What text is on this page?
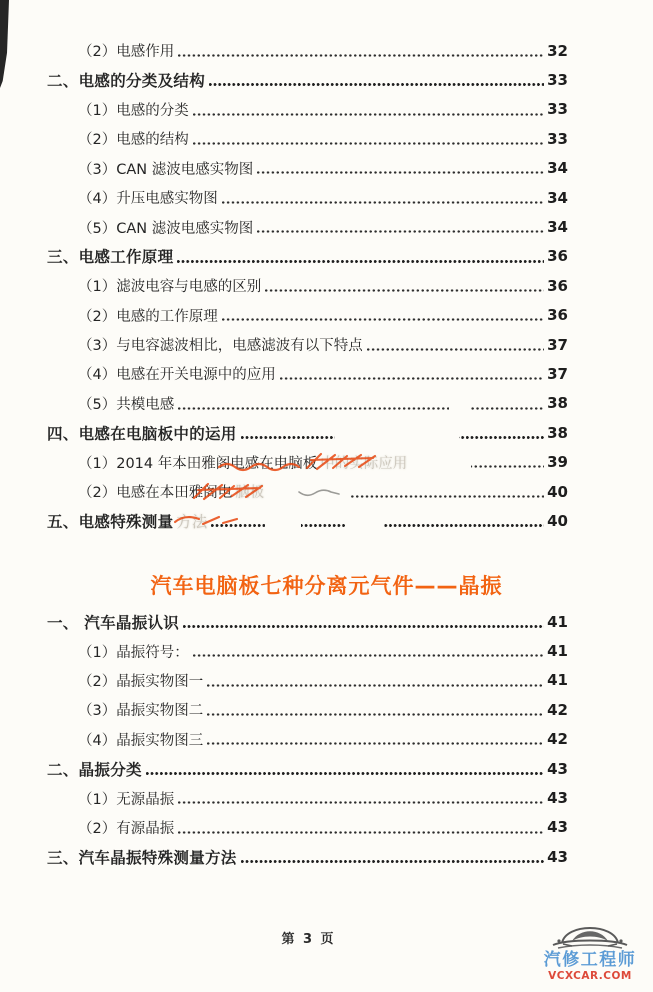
（2）电感作用	32
二、电感的分类及结构	33
（1）电感的分类	33
（2）电感的结构	33
（3）CAN 滤波电感实物图	34
（4）升压电感实物图	34
（5）CAN 滤波电感实物图	34
三、电感工作原理	36
（1）滤波电容与电感的区别	36
（2）电感的工作原理	36
（3）与电容滤波相比，电感滤波有以下特点	37
（4）电感在开关电源中的应用	37
（5）共模电感	38
四、电感在电脑板中的运用	38
（1）2014 年本田雅阁电感在电脑板 中的实际应用	39
（2）电感在本田雅阁电 脑板	40
五、电感特殊测量 方法	40
汽车电脑板七种分离元气件——晶振
一、 汽车晶振认识	41
（1）晶振符号：	41
（2）晶振实物图一	41
（3）晶振实物图二	42
（4）晶振实物图三	42
二、晶振分类	43
（1）无源晶振	43
（2）有源晶振	43
三、汽车晶振特殊测量方法	43
第 3 页
汽修工程师
VCXCAR.COM
